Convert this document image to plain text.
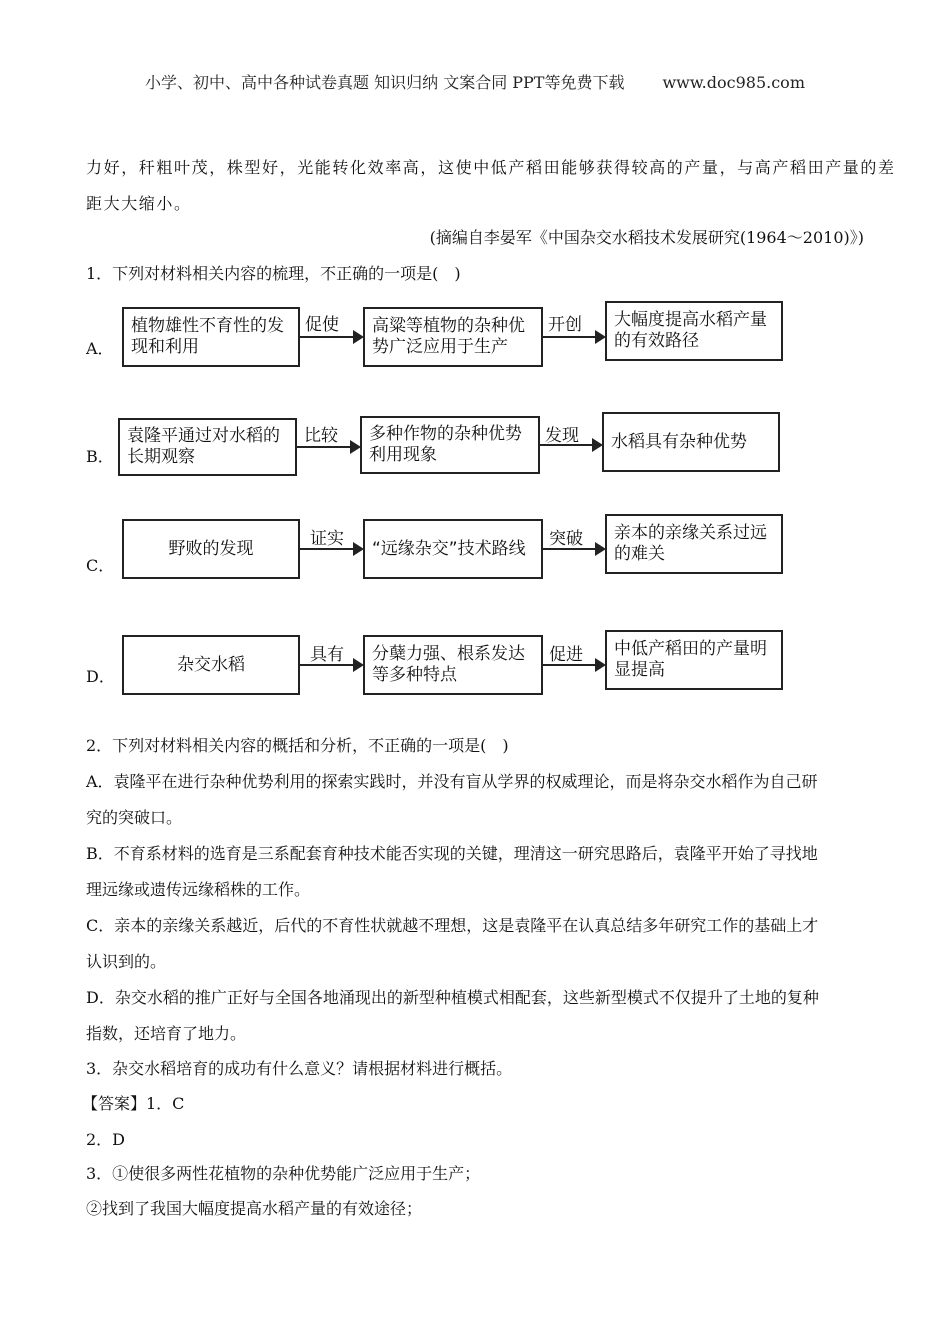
小学、初中、高中各种试卷真题 知识归纳 文案合同 PPT等免费下载 www.doc985.com
力好，秆粗叶茂，株型好，光能转化效率高，这使中低产稻田能够获得较高的产量，与高产稻田产量的差
距大大缩小。
(摘编自李晏军《中国杂交水稻技术发展研究(1964～2010)》)
1．下列对材料相关内容的梳理，不正确的一项是(　)
A．
植物雄性不育性的发现和利用
促使	高粱等植物的杂种优势广泛应用于生产
开创	大幅度提高水稻产量的有效路径
B．
袁隆平通过对水稻的长期观察
比较	多种作物的杂种优势利用现象
发现	水稻具有杂种优势
C．
野败的发现	证实	“远缘杂交”技术路线	突破	亲本的亲缘关系过远的难关
D．
杂交水稻	具有	分蘖力强、根系发达等多种特点
促进	中低产稻田的产量明显提高
2．下列对材料相关内容的概括和分析，不正确的一项是(　)
A．袁隆平在进行杂种优势利用的探索实践时，并没有盲从学界的权威理论，而是将杂交水稻作为自己研
究的突破口。
B．不育系材料的选育是三系配套育种技术能否实现的关键，理清这一研究思路后，袁隆平开始了寻找地
理远缘或遗传远缘稻株的工作。
C．亲本的亲缘关系越近，后代的不育性状就越不理想，这是袁隆平在认真总结多年研究工作的基础上才
认识到的。
D．杂交水稻的推广正好与全国各地涌现出的新型种植模式相配套，这些新型模式不仅提升了土地的复种
指数，还培育了地力。
3．杂交水稻培育的成功有什么意义？请根据材料进行概括。
【答案】1．C
2．D
3．①使很多两性花植物的杂种优势能广泛应用于生产；
②找到了我国大幅度提高水稻产量的有效途径；
